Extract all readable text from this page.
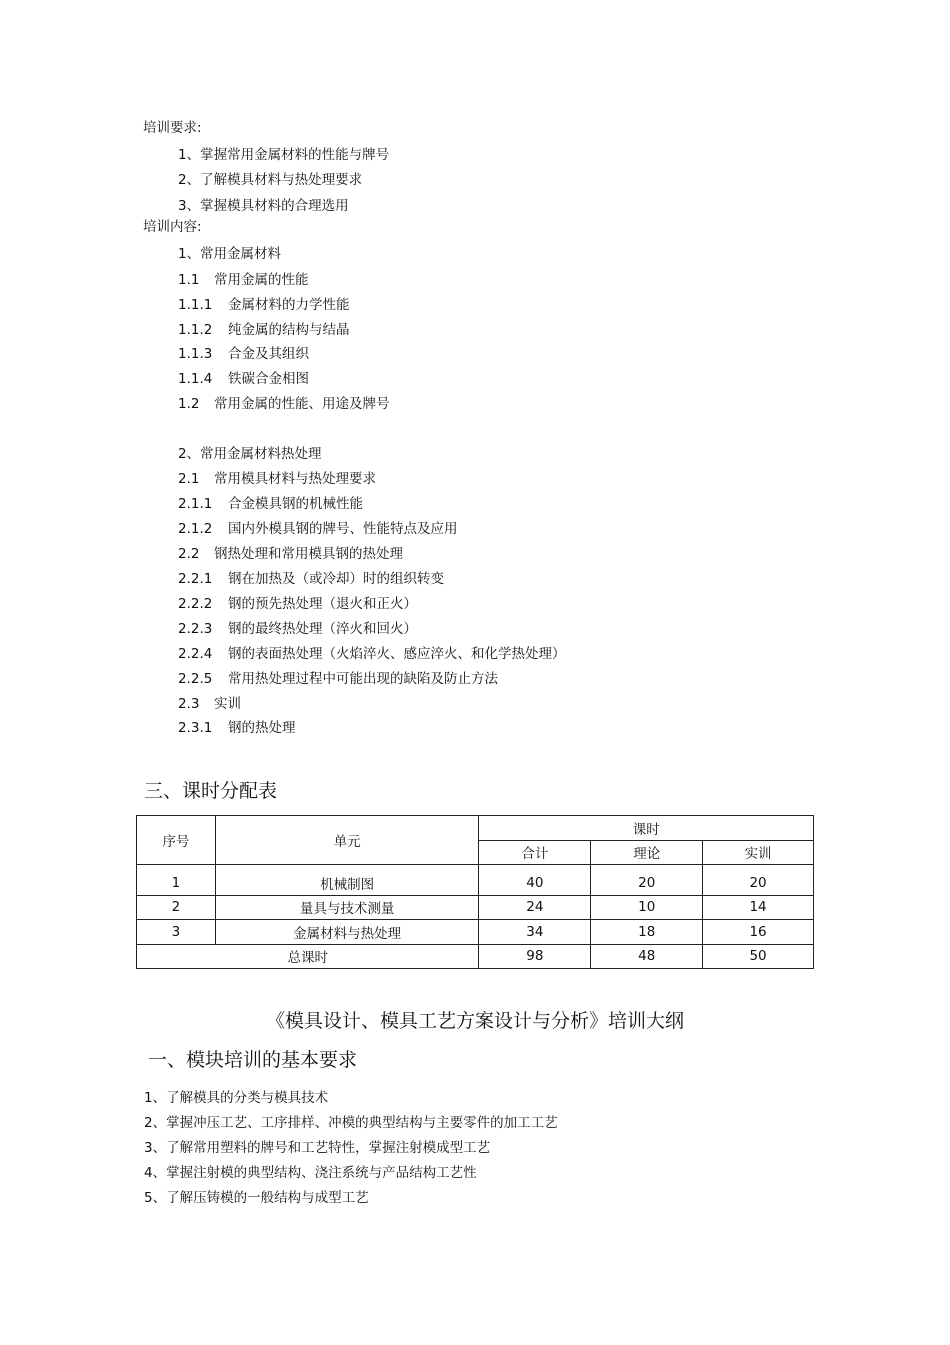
培训要求:
1、掌握常用金属材料的性能与牌号
2、了解模具材料与热处理要求
3、掌握模具材料的合理选用
培训内容:
1、常用金属材料
1.1 常用金属的性能
1.1.1 金属材料的力学性能
1.1.2 纯金属的结构与结晶
1.1.3 合金及其组织
1.1.4 铁碳合金相图
1.2 常用金属的性能、用途及牌号
2、常用金属材料热处理
2.1 常用模具材料与热处理要求
2.1.1 合金模具钢的机械性能
2.1.2 国内外模具钢的牌号、性能特点及应用
2.2 钢热处理和常用模具钢的热处理
2.2.1 钢在加热及（或冷却）时的组织转变
2.2.2 钢的预先热处理（退火和正火）
2.2.3 钢的最终热处理（淬火和回火）
2.2.4 钢的表面热处理（火焰淬火、感应淬火、和化学热处理）
2.2.5 常用热处理过程中可能出现的缺陷及防止方法
2.3 实训
2.3.1 钢的热处理
三、课时分配表
序号	单元	课时		
		合计	理论	实训
1	机械制图	40	20	20
2	量具与技术测量	24	10	14
3	金属材料与热处理	34	18	16
总课时		98	48	50
《模具设计、模具工艺方案设计与分析》培训大纲
一、模块培训的基本要求
1、了解模具的分类与模具技术
2、掌握冲压工艺、工序排样、冲模的典型结构与主要零件的加工工艺
3、了解常用塑料的牌号和工艺特性，掌握注射模成型工艺
4、掌握注射模的典型结构、浇注系统与产品结构工艺性
5、了解压铸模的一般结构与成型工艺
